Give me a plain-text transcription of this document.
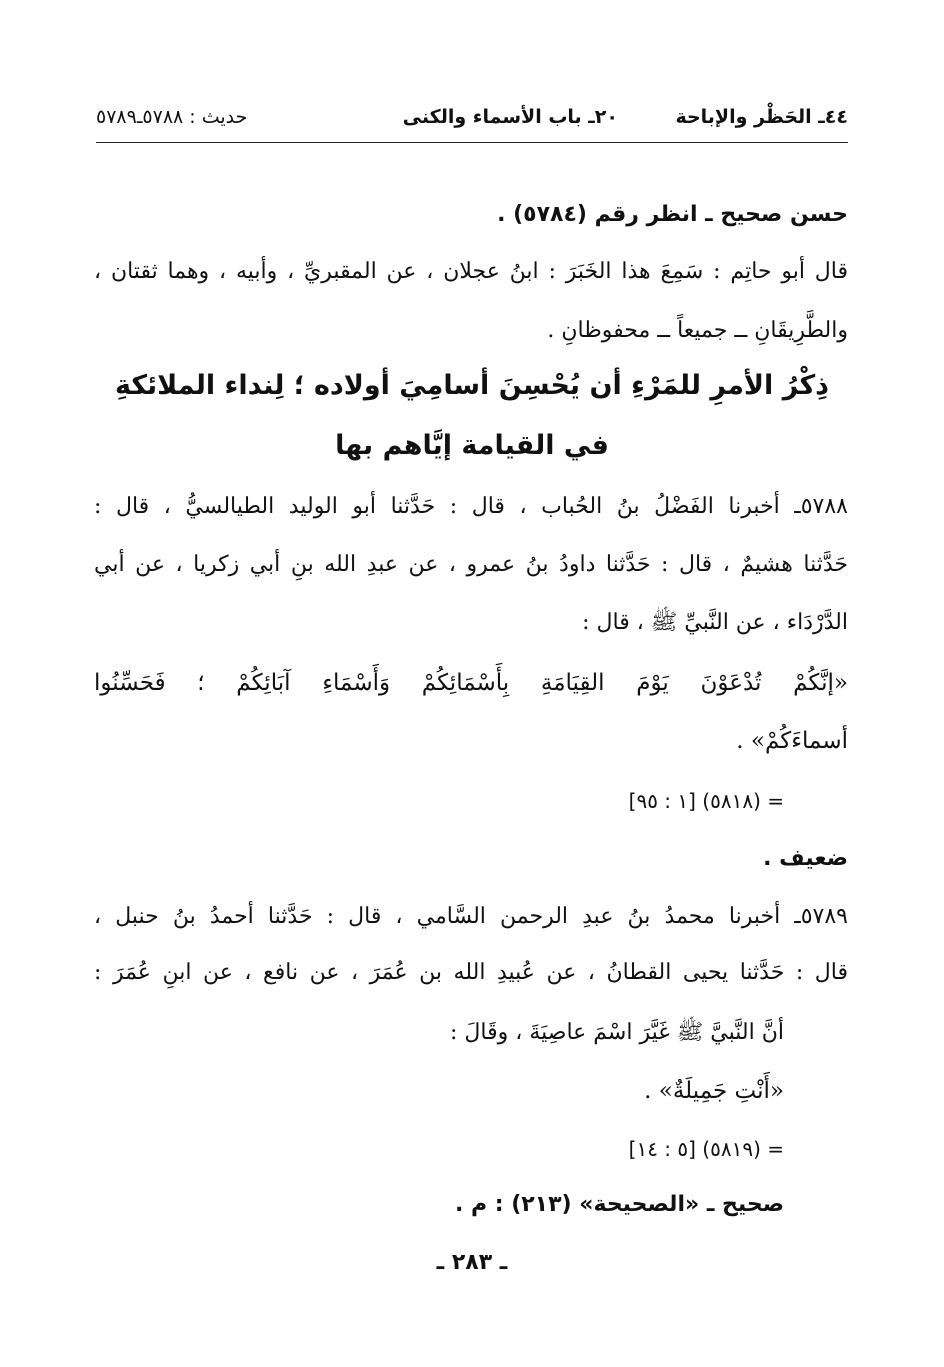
٤٤ـ الحَظْر والإباحة
٢٠ـ باب الأسماء والكنى
حديث : ٥٧٨٨ـ٥٧٨٩
حسن صحيح ـ انظر رقم (٥٧٨٤) .
قال أبو حاتِم : سَمِعَ هذا الخَبَرَ : ابنُ عجلان ، عن المقبريِّ ، وأبيه ، وهما ثقتان ،
والطَّرِيقَانِ ــ جميعاً ــ محفوظانِ .
ذِكْرُ الأمرِ للمَرْءِ أن يُحْسِنَ أسامِيَ أولاده ؛ لِنداء الملائكةِ
في القيامة إيَّاهم بها
٥٧٨٨ـ أخبرنا الفَضْلُ بنُ الحُباب ، قال : حَدَّثنا أبو الوليد الطيالسيُّ ، قال :
حَدَّثنا هشيمٌ ، قال : حَدَّثنا داودُ بنُ عمرو ، عن عبدِ الله بنِ أبي زكريا ، عن أبي
الدَّرْدَاء ، عن النَّبيِّ ﷺ ، قال :
«إنَّكُمْ تُدْعَوْنَ يَوْمَ القِيَامَةِ بِأَسْمَائِكُمْ وَأَسْمَاءِ آبَائِكُمْ ؛ فَحَسِّنُوا
أسماءَكُمْ» .
= (٥٨١٨) [١ : ٩٥]
ضعيف .
٥٧٨٩ـ أخبرنا محمدُ بنُ عبدِ الرحمن السَّامي ، قال : حَدَّثنا أحمدُ بنُ حنبل ،
قال : حَدَّثنا يحيى القطانُ ، عن عُبيدِ الله بن عُمَرَ ، عن نافع ، عن ابنِ عُمَرَ :
أنَّ النَّبيَّ ﷺ غَيَّرَ اسْمَ عاصِيَةَ ، وقَالَ :
«أَنْتِ جَمِيلَةٌ» .
= (٥٨١٩) [٥ : ١٤]
صحيح ـ «الصحيحة» (٢١٣) : م .
ـ ٢٨٣ ـ
